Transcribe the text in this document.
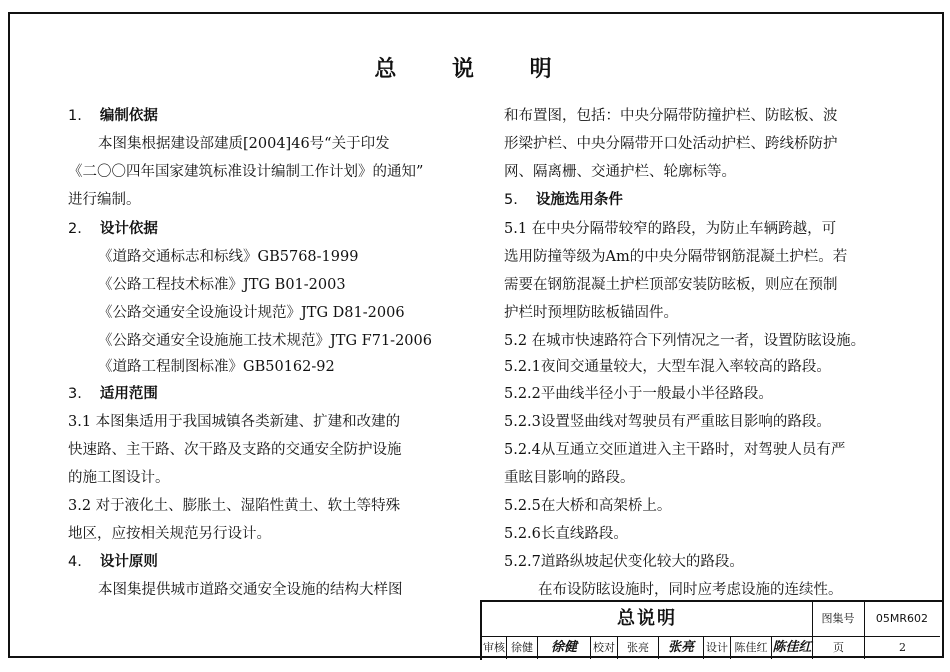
总 说 明
1. 编制依据
本图集根据建设部建质[2004]46号“关于印发
《二〇〇四年国家建筑标准设计编制工作计划》的通知”
进行编制。
2. 设计依据
《道路交通标志和标线》GB5768-1999
《公路工程技术标准》JTG B01-2003
《公路交通安全设施设计规范》JTG D81-2006
《公路交通安全设施施工技术规范》JTG F71-2006
《道路工程制图标准》GB50162-92
3. 适用范围
3.1 本图集适用于我国城镇各类新建、扩建和改建的
快速路、主干路、次干路及支路的交通安全防护设施
的施工图设计。
3.2 对于液化土、膨胀土、湿陷性黄土、软土等特殊
地区，应按相关规范另行设计。
4. 设计原则
本图集提供城市道路交通安全设施的结构大样图
和布置图，包括：中央分隔带防撞护栏、防眩板、波
形梁护栏、中央分隔带开口处活动护栏、跨线桥防护
网、隔离栅、交通护栏、轮廓标等。
5. 设施选用条件
5.1 在中央分隔带较窄的路段，为防止车辆跨越，可
选用防撞等级为Am的中央分隔带钢筋混凝土护栏。若
需要在钢筋混凝土护栏顶部安装防眩板，则应在预制
护栏时预埋防眩板锚固件。
5.2 在城市快速路符合下列情况之一者，设置防眩设施。
5.2.1夜间交通量较大，大型车混入率较高的路段。
5.2.2平曲线半径小于一般最小半径路段。
5.2.3设置竖曲线对驾驶员有严重眩目影响的路段。
5.2.4从互通立交匝道进入主干路时，对驾驶人员有严
重眩目影响的路段。
5.2.5在大桥和高架桥上。
5.2.6长直线路段。
5.2.7道路纵坡起伏变化较大的路段。
在布设防眩设施时，同时应考虑设施的连续性。
总说明	图集号	05MR602
审核 徐健	徐健	校对	张亮	张亮	设计 陈佳红 陈佳红	页	2
